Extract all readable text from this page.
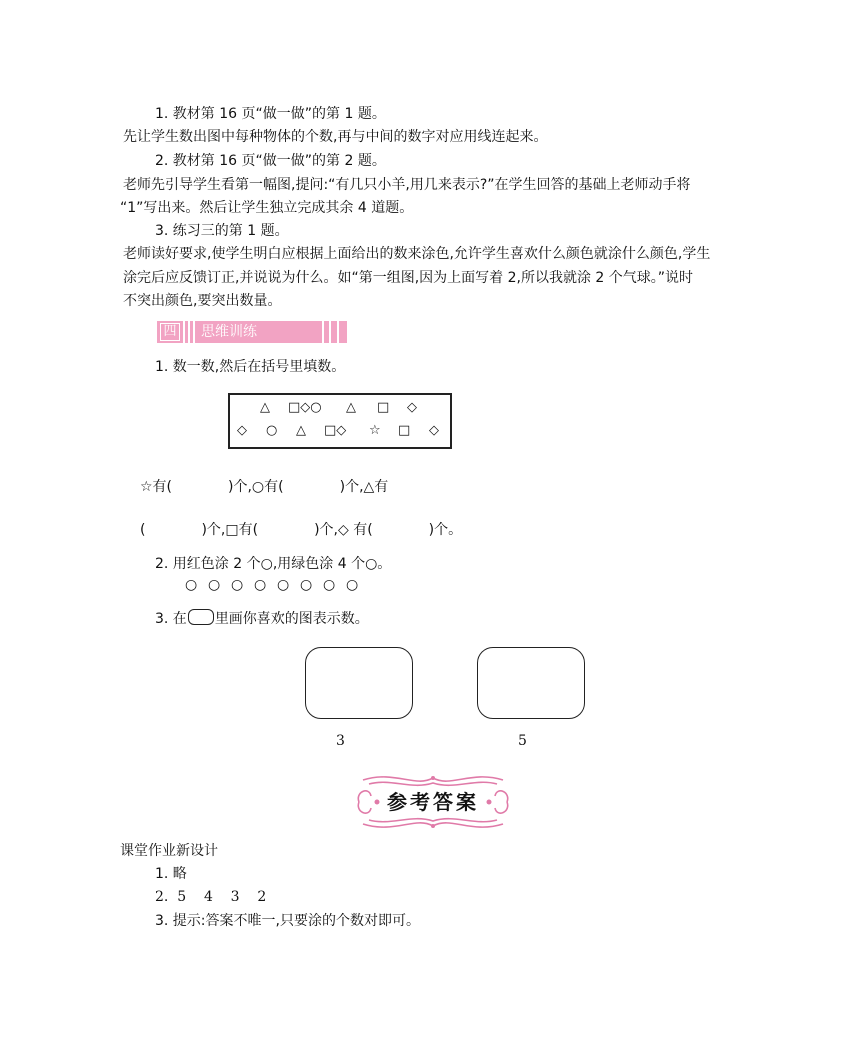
1. 教材第 16 页“做一做”的第 1 题。
先让学生数出图中每种物体的个数,再与中间的数字对应用线连起来。
2. 教材第 16 页“做一做”的第 2 题。
老师先引导学生看第一幅图,提问:“有几只小羊,用几来表示?”在学生回答的基础上老师动手将
“1”写出来。然后让学生独立完成其余 4 道题。
3. 练习三的第 1 题。
老师读好要求,使学生明白应根据上面给出的数来涂色,允许学生喜欢什么颜色就涂什么颜色,学生
涂完后应反馈订正,并说说为什么。如“第一组图,因为上面写着 2,所以我就涂 2 个气球。”说时
不突出颜色,要突出数量。
四 思维训练
1. 数一数,然后在括号里填数。
△ □◇○ △ □ ◇
◇ ○ △ □◇ ☆ □ ◇
☆有(　　　　)个,○有(　　　　)个,△有
(　　　　)个,□有(　　　　)个,◇ 有(　　　　)个。
2. 用红色涂 2 个○,用绿色涂 4 个○。
○ ○ ○ ○ ○ ○ ○ ○
3. 在 里画你喜欢的图表示数。
3	5
参考答案
课堂作业新设计
1. 略
2.  5    4    3    2
3. 提示:答案不唯一,只要涂的个数对即可。
